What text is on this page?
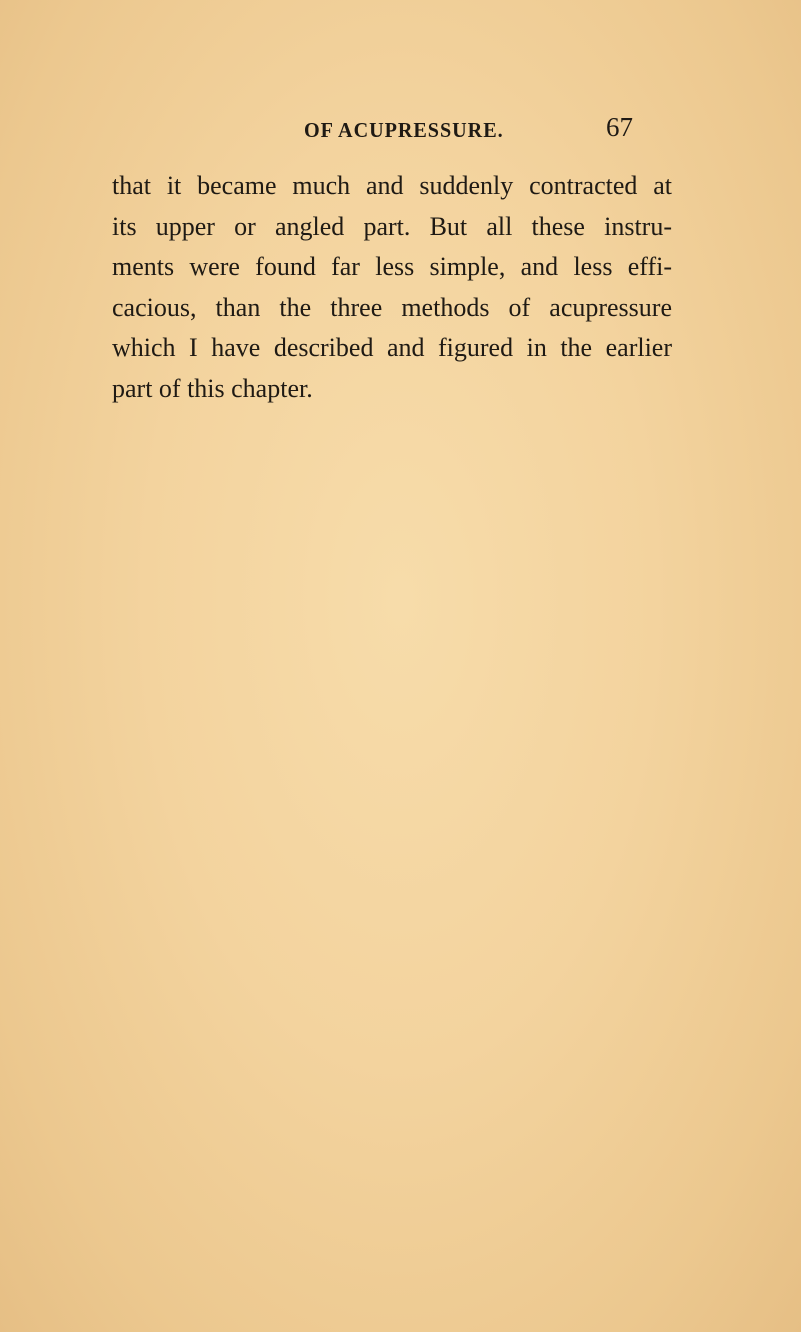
OF ACUPRESSURE.	67
that it became much and suddenly contracted at
its upper or angled part. But all these instru-
ments were found far less simple, and less effi-
cacious, than the three methods of acupressure
which I have described and figured in the earlier
part of this chapter.
